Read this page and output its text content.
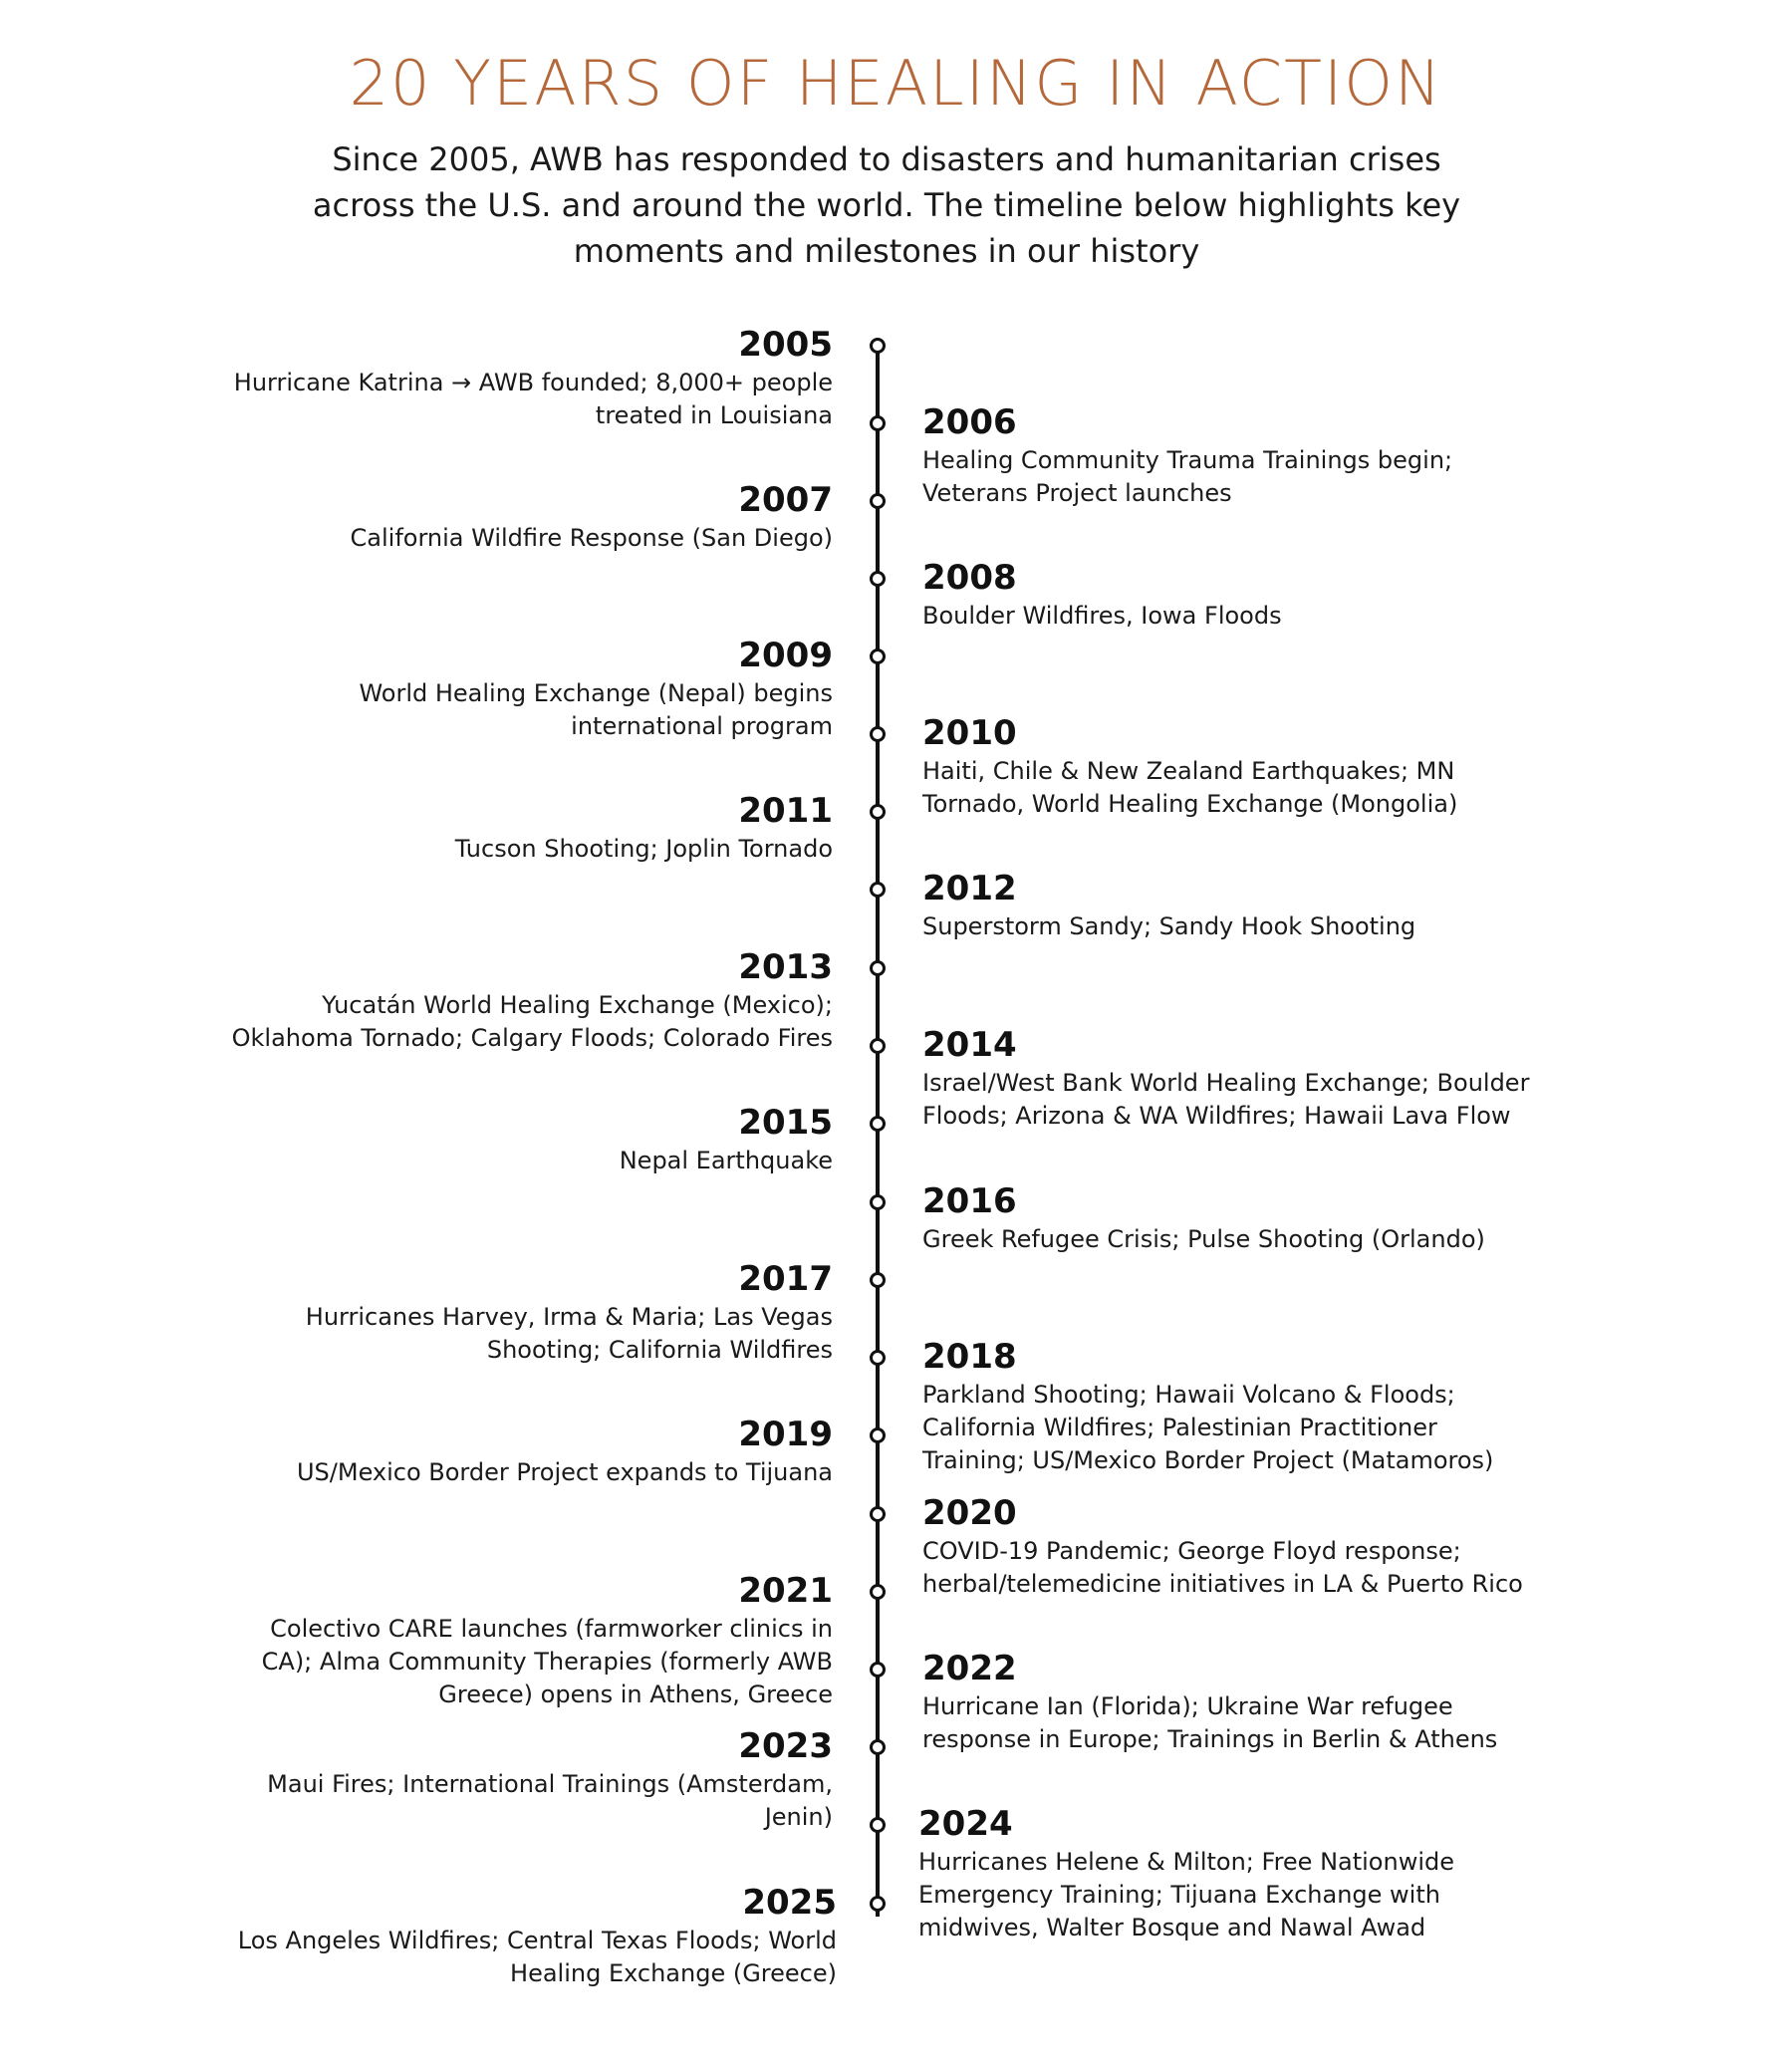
20 YEARS OF HEALING IN ACTION

Since 2005, AWB has responded to disasters and humanitarian crises across the U.S. and around the world. The timeline below highlights key moments and milestones in our history

2005
Hurricane Katrina → AWB founded; 8,000+ people treated in Louisiana	2006
Healing Community Trauma Trainings begin; Veterans Project launches
2007
California Wildfire Response (San Diego)
2008
Boulder Wildfires, Iowa Floods
2009
World Healing Exchange (Nepal) begins international program	2010
Haiti, Chile & New Zealand Earthquakes; MN Tornado, World Healing Exchange (Mongolia)
2011
Tucson Shooting; Joplin Tornado
2012
Superstorm Sandy; Sandy Hook Shooting
2013
Yucatán World Healing Exchange (Mexico); Oklahoma Tornado; Calgary Floods; Colorado Fires	2014
Israel/West Bank World Healing Exchange; Boulder Floods; Arizona & WA Wildfires; Hawaii Lava Flow
2015
Nepal Earthquake
2016
Greek Refugee Crisis; Pulse Shooting (Orlando)
2017
Hurricanes Harvey, Irma & Maria; Las Vegas Shooting; California Wildfires	2018
Parkland Shooting; Hawaii Volcano & Floods; California Wildfires; Palestinian Practitioner Training; US/Mexico Border Project (Matamoros)
2019
US/Mexico Border Project expands to Tijuana
2020
COVID-19 Pandemic; George Floyd response; herbal/telemedicine initiatives in LA & Puerto Rico
2021
Colectivo CARE launches (farmworker clinics in CA); Alma Community Therapies (formerly AWB Greece) opens in Athens, Greece
2022
Hurricane Ian (Florida); Ukraine War refugee response in Europe; Trainings in Berlin & Athens
2023
Maui Fires; International Trainings (Amsterdam, Jenin)	2024
Hurricanes Helene & Milton; Free Nationwide Emergency Training; Tijuana Exchange with midwives, Walter Bosque and Nawal Awad
2025
Los Angeles Wildfires; Central Texas Floods; World Healing Exchange (Greece)
